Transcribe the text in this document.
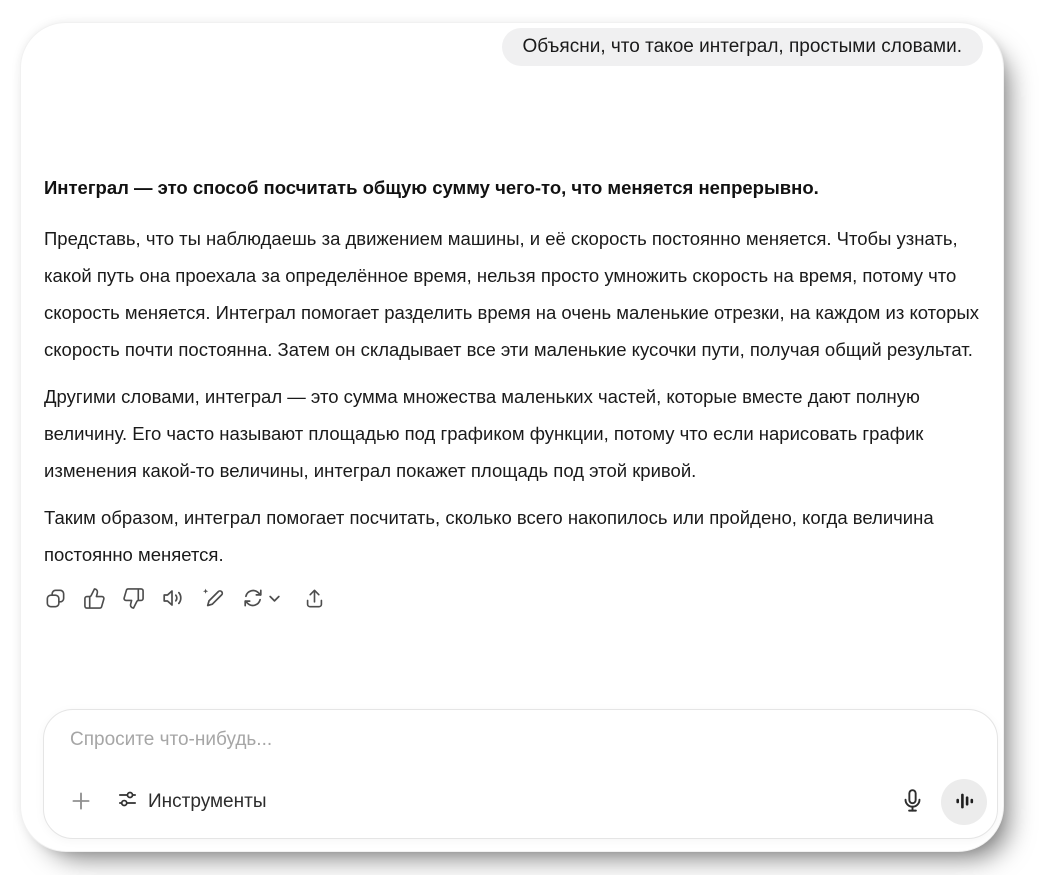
Объясни, что такое интеграл, простыми словами.
Интеграл — это способ посчитать общую сумму чего-то, что меняется непрерывно.

Представь, что ты наблюдаешь за движением машины, и её скорость постоянно меняется. Чтобы узнать, какой путь она проехала за определённое время, нельзя просто умножить скорость на время, потому что скорость меняется. Интеграл помогает разделить время на очень маленькие отрезки, на каждом из которых скорость почти постоянна. Затем он складывает все эти маленькие кусочки пути, получая общий результат.

Другими словами, интеграл — это сумма множества маленьких частей, которые вместе дают полную величину. Его часто называют площадью под графиком функции, потому что если нарисовать график изменения какой-то величины, интеграл покажет площадь под этой кривой.

Таким образом, интеграл помогает посчитать, сколько всего накопилось или пройдено, когда величина постоянно меняется.

Спросите что-нибудь...
Инструменты
